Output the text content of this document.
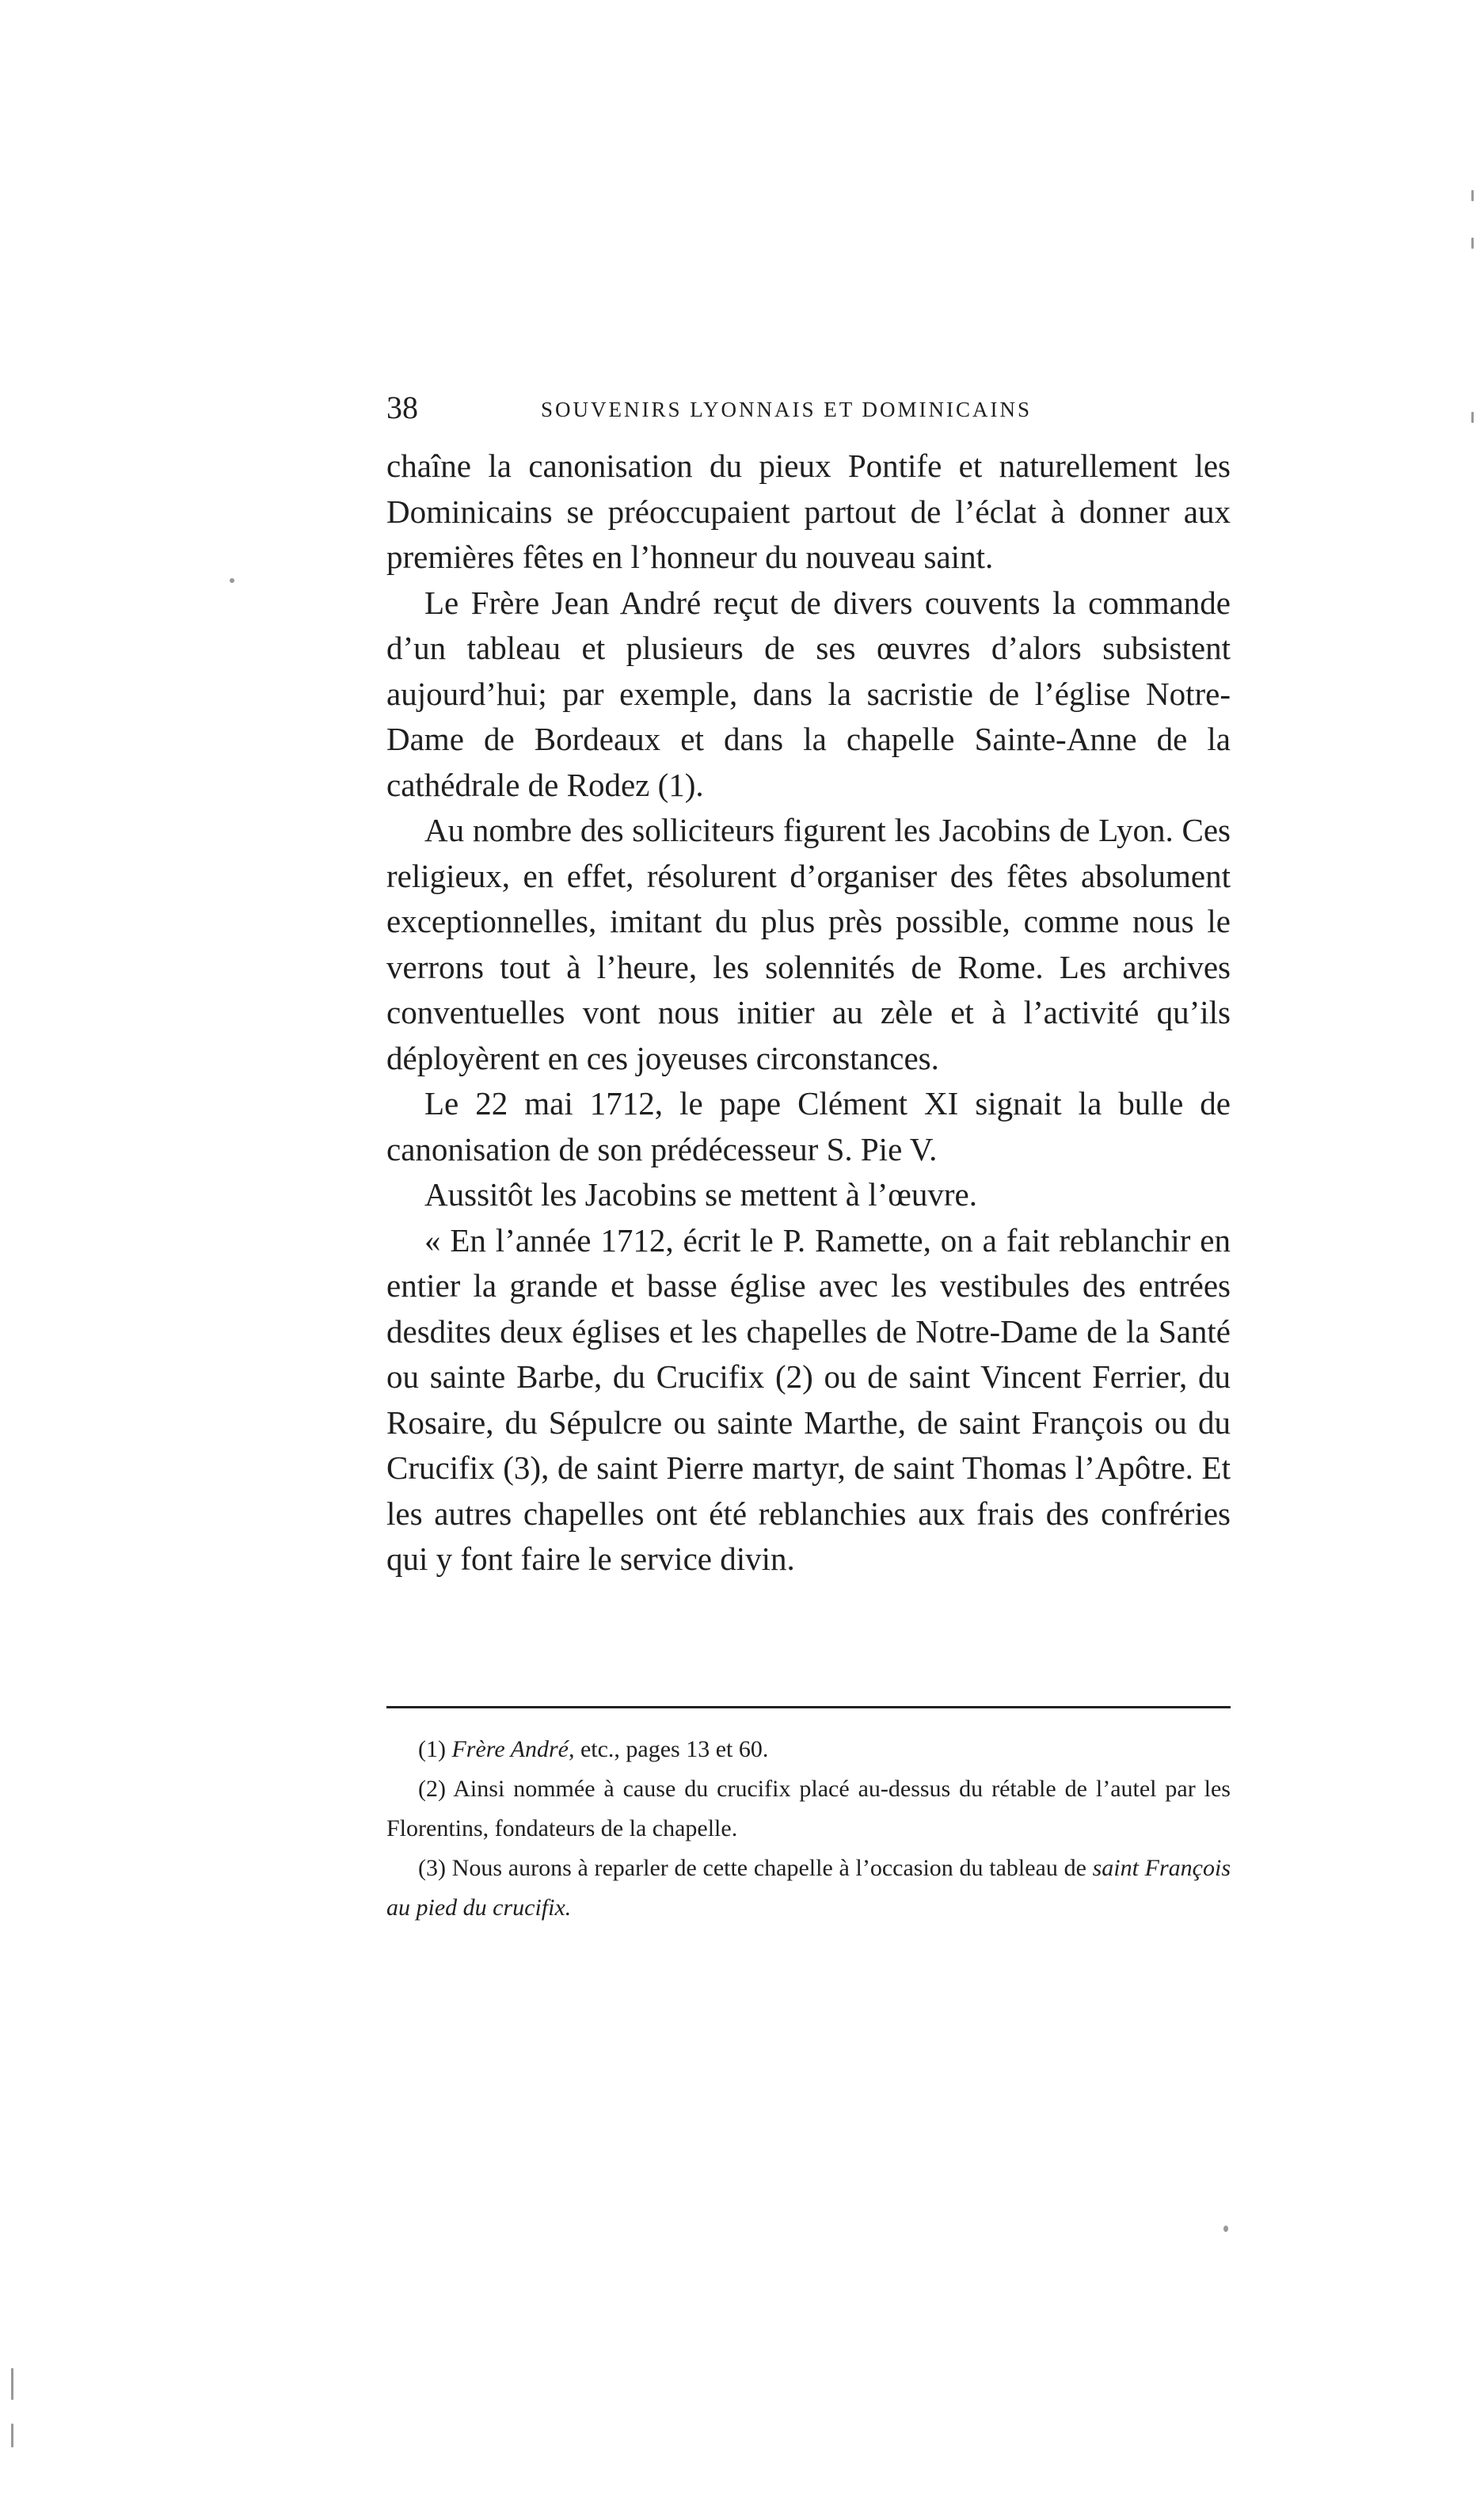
38	SOUVENIRS LYONNAIS ET DOMINICAINS

chaîne la canonisation du pieux Pontife et naturellement les Dominicains se préoccupaient partout de l’éclat à donner aux premières fêtes en l’honneur du nouveau saint.

Le Frère Jean André reçut de divers couvents la commande d’un tableau et plusieurs de ses œuvres d’alors subsistent aujourd’hui; par exemple, dans la sacristie de l’église Notre-Dame de Bordeaux et dans la chapelle Sainte-Anne de la cathédrale de Rodez (1).

Au nombre des solliciteurs figurent les Jacobins de Lyon. Ces religieux, en effet, résolurent d’organiser des fêtes absolument exceptionnelles, imitant du plus près possible, comme nous le verrons tout à l’heure, les solennités de Rome. Les archives conventuelles vont nous initier au zèle et à l’activité qu’ils déployèrent en ces joyeuses circonstances.

Le 22 mai 1712, le pape Clément XI signait la bulle de canonisation de son prédécesseur S. Pie V.

Aussitôt les Jacobins se mettent à l’œuvre.

« En l’année 1712, écrit le P. Ramette, on a fait reblanchir en entier la grande et basse église avec les vestibules des entrées desdites deux églises et les chapelles de Notre-Dame de la Santé ou sainte Barbe, du Crucifix (2) ou de saint Vincent Ferrier, du Rosaire, du Sépulcre ou sainte Marthe, de saint François ou du Crucifix (3), de saint Pierre martyr, de saint Thomas l’Apôtre. Et les autres chapelles ont été reblanchies aux frais des confréries qui y font faire le service divin.

(1) Frère André, etc., pages 13 et 60.

(2) Ainsi nommée à cause du crucifix placé au-dessus du rétable de l’autel par les Florentins, fondateurs de la chapelle.

(3) Nous aurons à reparler de cette chapelle à l’occasion du tableau de saint François au pied du crucifix.
